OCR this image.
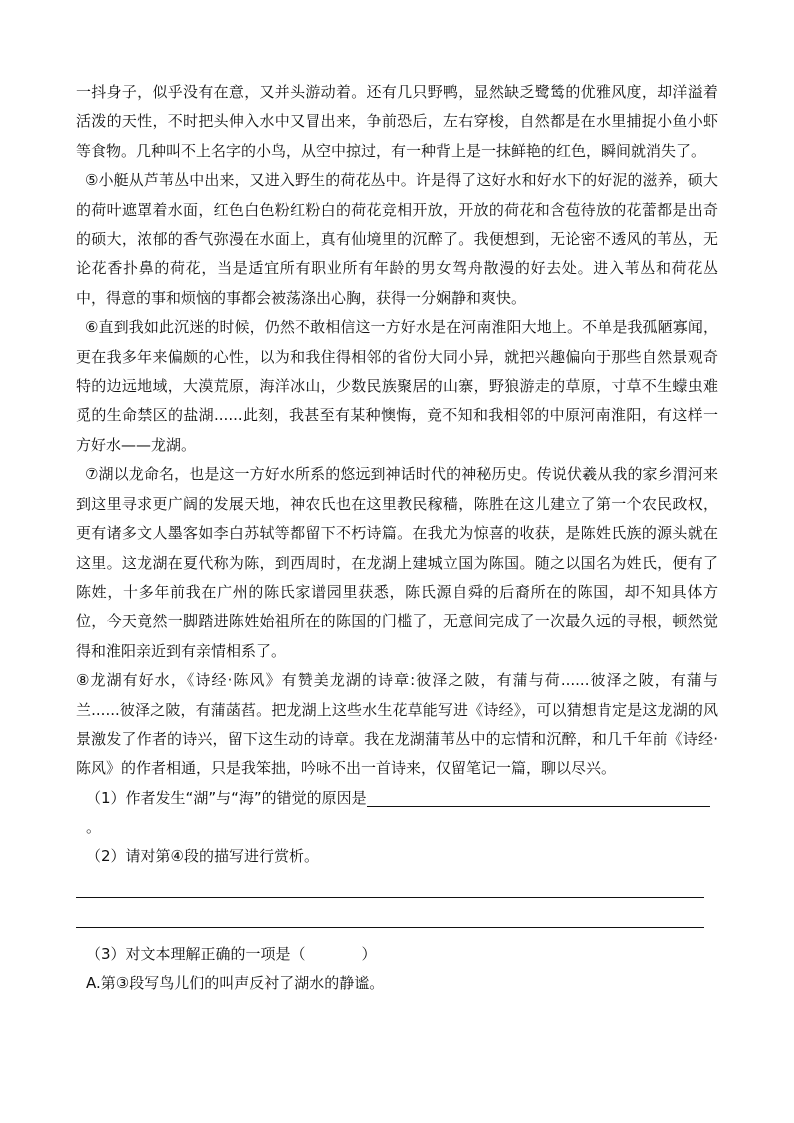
一抖身子，似乎没有在意，又并头游动着。还有几只野鸭，显然缺乏鹭鸶的优雅风度，却洋溢着活泼的天性，不时把头伸入水中又冒出来，争前恐后，左右穿梭，自然都是在水里捕捉小鱼小虾等食物。几种叫不上名字的小鸟，从空中掠过，有一种背上是一抹鲜艳的红色，瞬间就消失了。

⑤小艇从芦苇丛中出来，又进入野生的荷花丛中。许是得了这好水和好水下的好泥的滋养，硕大的荷叶遮罩着水面，红色白色粉红粉白的荷花竞相开放，开放的荷花和含苞待放的花蕾都是出奇的硕大，浓郁的香气弥漫在水面上，真有仙境里的沉醉了。我便想到，无论密不透风的苇丛，无论花香扑鼻的荷花，当是适宜所有职业所有年龄的男女驾舟散漫的好去处。进入苇丛和荷花丛中，得意的事和烦恼的事都会被荡涤出心胸，获得一分娴静和爽快。

⑥直到我如此沉迷的时候，仍然不敢相信这一方好水是在河南淮阳大地上。不单是我孤陋寡闻，更在我多年来偏颇的心性，以为和我住得相邻的省份大同小异，就把兴趣偏向于那些自然景观奇特的边远地域，大漠荒原，海洋冰山，少数民族聚居的山寨，野狼游走的草原，寸草不生蠓虫难觅的生命禁区的盐湖......此刻，我甚至有某种懊悔，竟不知和我相邻的中原河南淮阳，有这样一方好水——龙湖。

⑦湖以龙命名，也是这一方好水所系的悠远到神话时代的神秘历史。传说伏羲从我的家乡渭河来到这里寻求更广阔的发展天地，神农氏也在这里教民稼穑，陈胜在这儿建立了第一个农民政权，更有诸多文人墨客如李白苏轼等都留下不朽诗篇。在我尤为惊喜的收获，是陈姓氏族的源头就在这里。这龙湖在夏代称为陈，到西周时，在龙湖上建城立国为陈国。随之以国名为姓氏，便有了陈姓，十多年前我在广州的陈氏家谱园里获悉，陈氏源自舜的后裔所在的陈国，却不知具体方位，今天竟然一脚踏进陈姓始祖所在的陈国的门槛了，无意间完成了一次最久远的寻根，顿然觉得和淮阳亲近到有亲情相系了。

⑧龙湖有好水，《诗经·陈风》有赞美龙湖的诗章:彼泽之陂，有蒲与荷......彼泽之陂，有蒲与兰......彼泽之陂，有蒲菡萏。把龙湖上这些水生花草能写进《诗经》，可以猜想肯定是这龙湖的风景激发了作者的诗兴，留下这生动的诗章。我在龙湖蒲苇丛中的忘情和沉醉，和几千年前《诗经·陈风》的作者相通，只是我笨拙，吟咏不出一首诗来，仅留笔记一篇，聊以尽兴。

（1）作者发生“湖”与“海”的错觉的原因是。

（2）请对第④段的描写进行赏析。

（3）对文本理解正确的一项是（	）

A.第③段写鸟儿们的叫声反衬了湖水的静谧。
